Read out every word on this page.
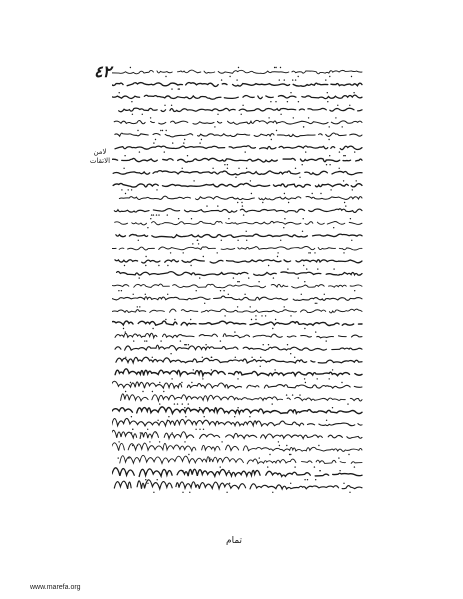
٤٢
لامن الاتقات
تمام
www.marefa.org
